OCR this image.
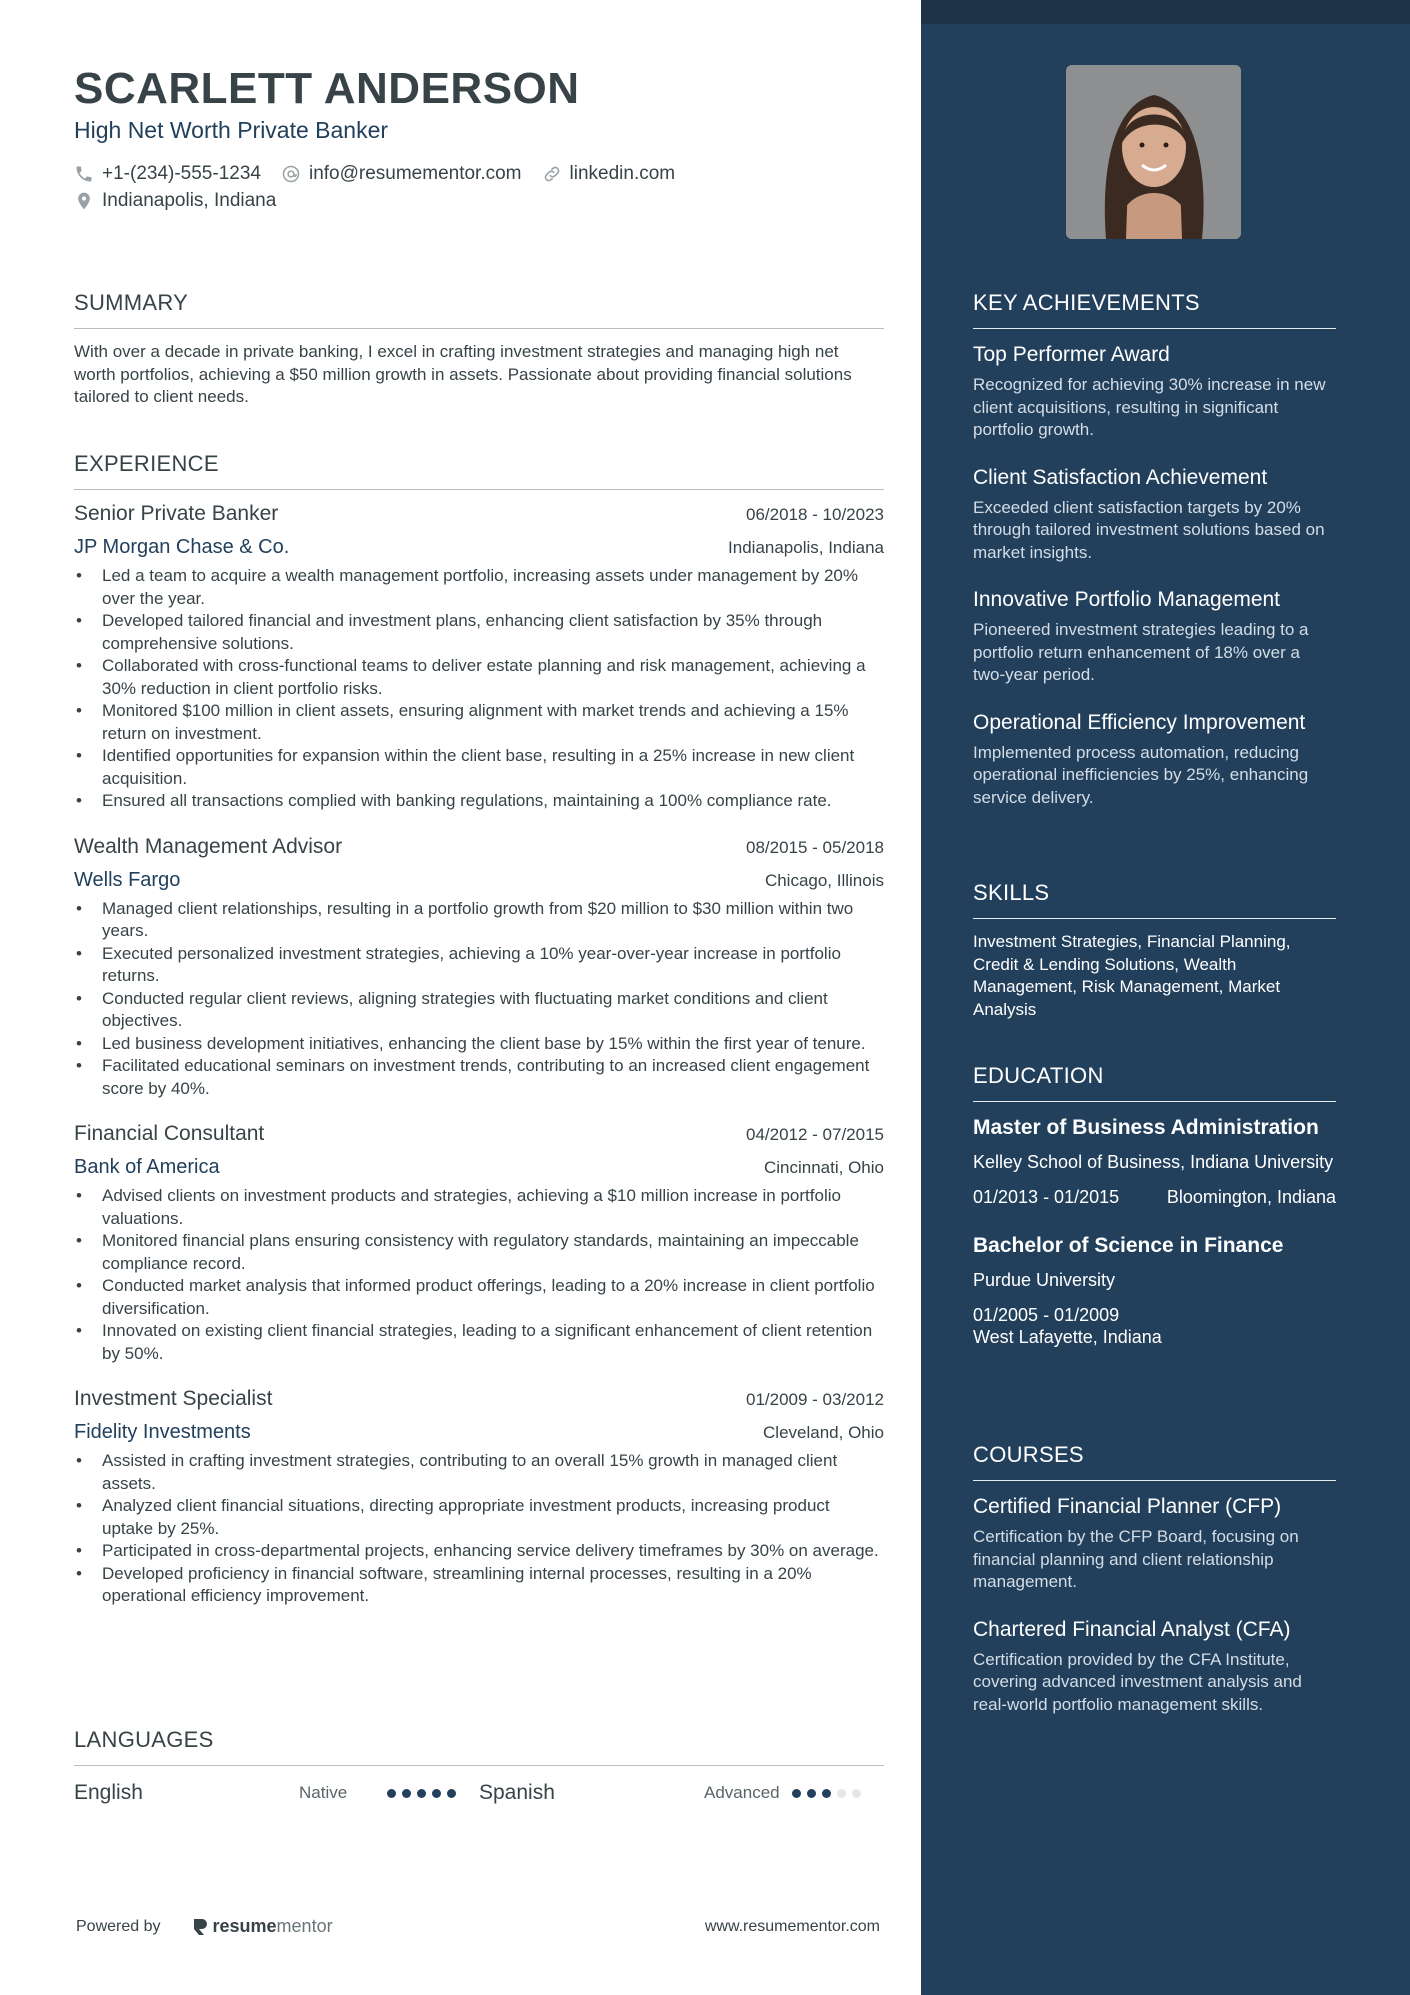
SCARLETT ANDERSON
High Net Worth Private Banker
+1-(234)-555-1234	info@resumementor.com	linkedin.com
Indianapolis, Indiana
SUMMARY
With over a decade in private banking, I excel in crafting investment strategies and managing high net worth portfolios, achieving a $50 million growth in assets. Passionate about providing financial solutions tailored to client needs.
EXPERIENCE
Senior Private Banker	06/2018 - 10/2023
JP Morgan Chase & Co.	Indianapolis, Indiana
• Led a team to acquire a wealth management portfolio, increasing assets under management by 20% over the year.
• Developed tailored financial and investment plans, enhancing client satisfaction by 35% through comprehensive solutions.
• Collaborated with cross-functional teams to deliver estate planning and risk management, achieving a 30% reduction in client portfolio risks.
• Monitored $100 million in client assets, ensuring alignment with market trends and achieving a 15% return on investment.
• Identified opportunities for expansion within the client base, resulting in a 25% increase in new client acquisition.
• Ensured all transactions complied with banking regulations, maintaining a 100% compliance rate.
Wealth Management Advisor	08/2015 - 05/2018
Wells Fargo	Chicago, Illinois
• Managed client relationships, resulting in a portfolio growth from $20 million to $30 million within two years.
• Executed personalized investment strategies, achieving a 10% year-over-year increase in portfolio returns.
• Conducted regular client reviews, aligning strategies with fluctuating market conditions and client objectives.
• Led business development initiatives, enhancing the client base by 15% within the first year of tenure.
• Facilitated educational seminars on investment trends, contributing to an increased client engagement score by 40%.
Financial Consultant	04/2012 - 07/2015
Bank of America	Cincinnati, Ohio
• Advised clients on investment products and strategies, achieving a $10 million increase in portfolio valuations.
• Monitored financial plans ensuring consistency with regulatory standards, maintaining an impeccable compliance record.
• Conducted market analysis that informed product offerings, leading to a 20% increase in client portfolio diversification.
• Innovated on existing client financial strategies, leading to a significant enhancement of client retention by 50%.
Investment Specialist	01/2009 - 03/2012
Fidelity Investments	Cleveland, Ohio
• Assisted in crafting investment strategies, contributing to an overall 15% growth in managed client assets.
• Analyzed client financial situations, directing appropriate investment products, increasing product uptake by 25%.
• Participated in cross-departmental projects, enhancing service delivery timeframes by 30% on average.
• Developed proficiency in financial software, streamlining internal processes, resulting in a 20% operational efficiency improvement.
LANGUAGES
English	Native	Spanish	Advanced
Powered by	resume mentor	www.resumementor.com
KEY ACHIEVEMENTS
Top Performer Award
Recognized for achieving 30% increase in new client acquisitions, resulting in significant portfolio growth.
Client Satisfaction Achievement
Exceeded client satisfaction targets by 20% through tailored investment solutions based on market insights.
Innovative Portfolio Management
Pioneered investment strategies leading to a portfolio return enhancement of 18% over a two-year period.
Operational Efficiency Improvement
Implemented process automation, reducing operational inefficiencies by 25%, enhancing service delivery.
SKILLS
Investment Strategies, Financial Planning, Credit & Lending Solutions, Wealth Management, Risk Management, Market Analysis
EDUCATION
Master of Business Administration
Kelley School of Business, Indiana University
01/2013 - 01/2015	Bloomington, Indiana
Bachelor of Science in Finance
Purdue University
01/2005 - 01/2009
West Lafayette, Indiana
COURSES
Certified Financial Planner (CFP)
Certification by the CFP Board, focusing on financial planning and client relationship management.
Chartered Financial Analyst (CFA)
Certification provided by the CFA Institute, covering advanced investment analysis and real-world portfolio management skills.
